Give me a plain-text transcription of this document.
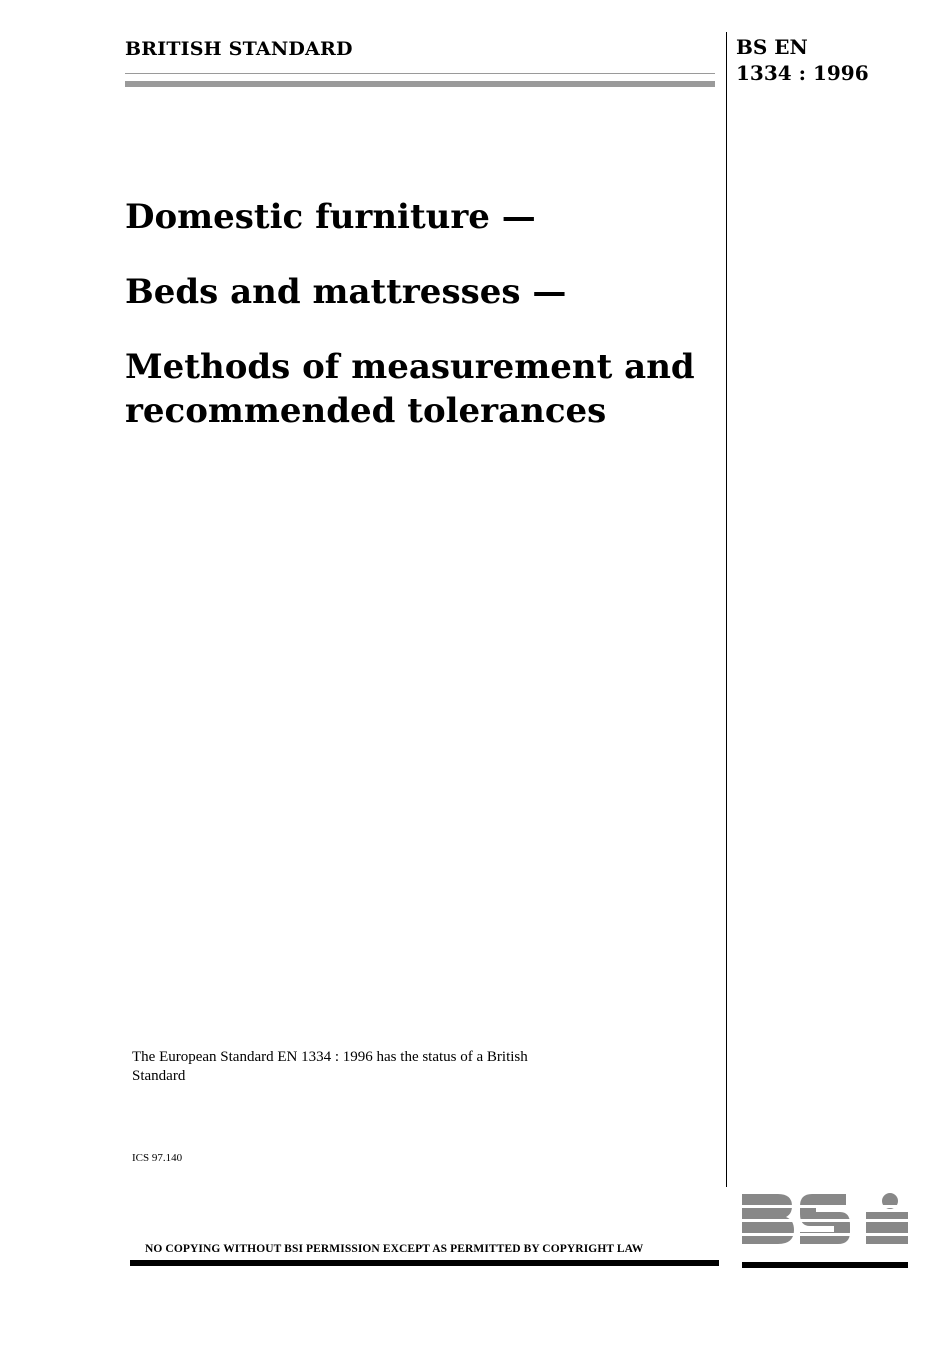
BRITISH STANDARD	BS EN
1334 : 1996
Domestic furniture —
Beds and mattresses —
Methods of measurement and recommended tolerances
The European Standard EN 1334 : 1996 has the status of a British Standard
ICS 97.140
NO COPYING WITHOUT BSI PERMISSION EXCEPT AS PERMITTED BY COPYRIGHT LAW
